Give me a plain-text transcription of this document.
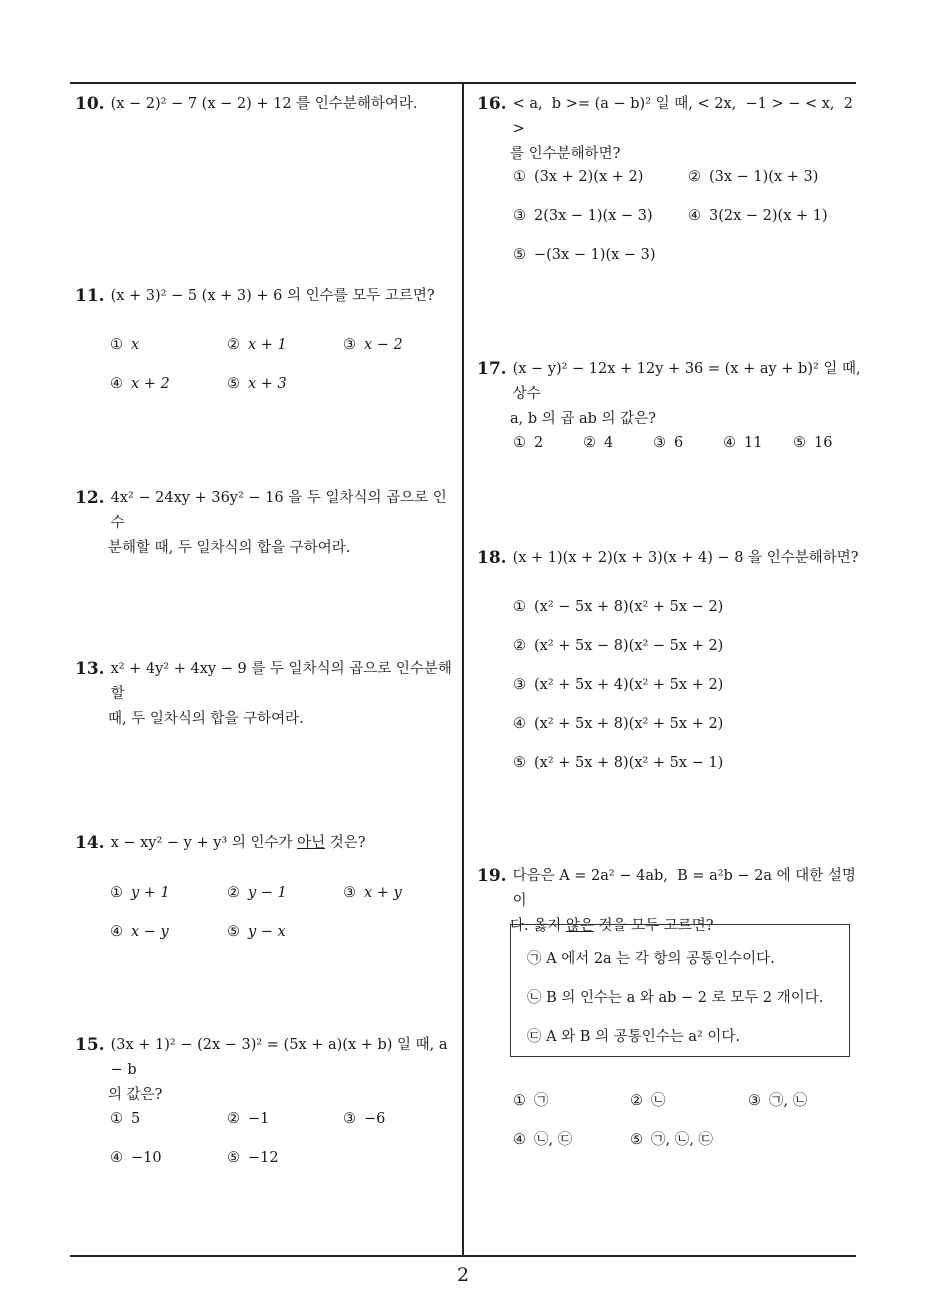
10. (x − 2)² − 7 (x − 2) + 12 를 인수분해하여라.
11. (x + 3)² − 5 (x + 3) + 6 의 인수를 모두 고르면?
① x	② x + 1	③ x − 2
④ x + 2	⑤ x + 3
12. 4x² − 24xy + 36y² − 16 을 두 일차식의 곱으로 인수
분해할 때, 두 일차식의 합을 구하여라.
13. x² + 4y² + 4xy − 9 를 두 일차식의 곱으로 인수분해할
때, 두 일차식의 합을 구하여라.
14. x − xy² − y + y³ 의 인수가 아닌 것은?
① y + 1	② y − 1	③ x + y
④ x − y	⑤ y − x
15. (3x + 1)² − (2x − 3)² = (5x + a)(x + b) 일 때, a − b
의 값은?
① 5	② −1	③ −6
④ −10	⑤ −12
16. < a,  b >= (a − b)² 일 때, < 2x,  −1 > − < x,  2 >
를 인수분해하면?
① (3x + 2)(x + 2)	② (3x − 1)(x + 3)
③ 2(3x − 1)(x − 3) ④ 3(2x − 2)(x + 1)
⑤ −(3x − 1)(x − 3)
17. (x − y)² − 12x + 12y + 36 = (x + ay + b)² 일 때, 상수
a, b 의 곱 ab 의 값은?
① 2	② 4	③ 6	④ 11 ⑤ 16
18. (x + 1)(x + 2)(x + 3)(x + 4) − 8 을 인수분해하면?
① (x² − 5x + 8)(x² + 5x − 2)
② (x² + 5x − 8)(x² − 5x + 2)
③ (x² + 5x + 4)(x² + 5x + 2)
④ (x² + 5x + 8)(x² + 5x + 2)
⑤ (x² + 5x + 8)(x² + 5x − 1)
19. 다음은 A = 2a² − 4ab,  B = a²b − 2a 에 대한 설명이
다. 옳지 않은 것을 모두 고르면?
㉠ A 에서 2a 는 각 항의 공통인수이다.
㉡ B 의 인수는 a 와 ab − 2 로 모두 2 개이다.
㉢ A 와 B 의 공통인수는 a² 이다.
① ㉠	② ㉡	③ ㉠, ㉡
④ ㉡, ㉢	⑤ ㉠, ㉡, ㉢
2
